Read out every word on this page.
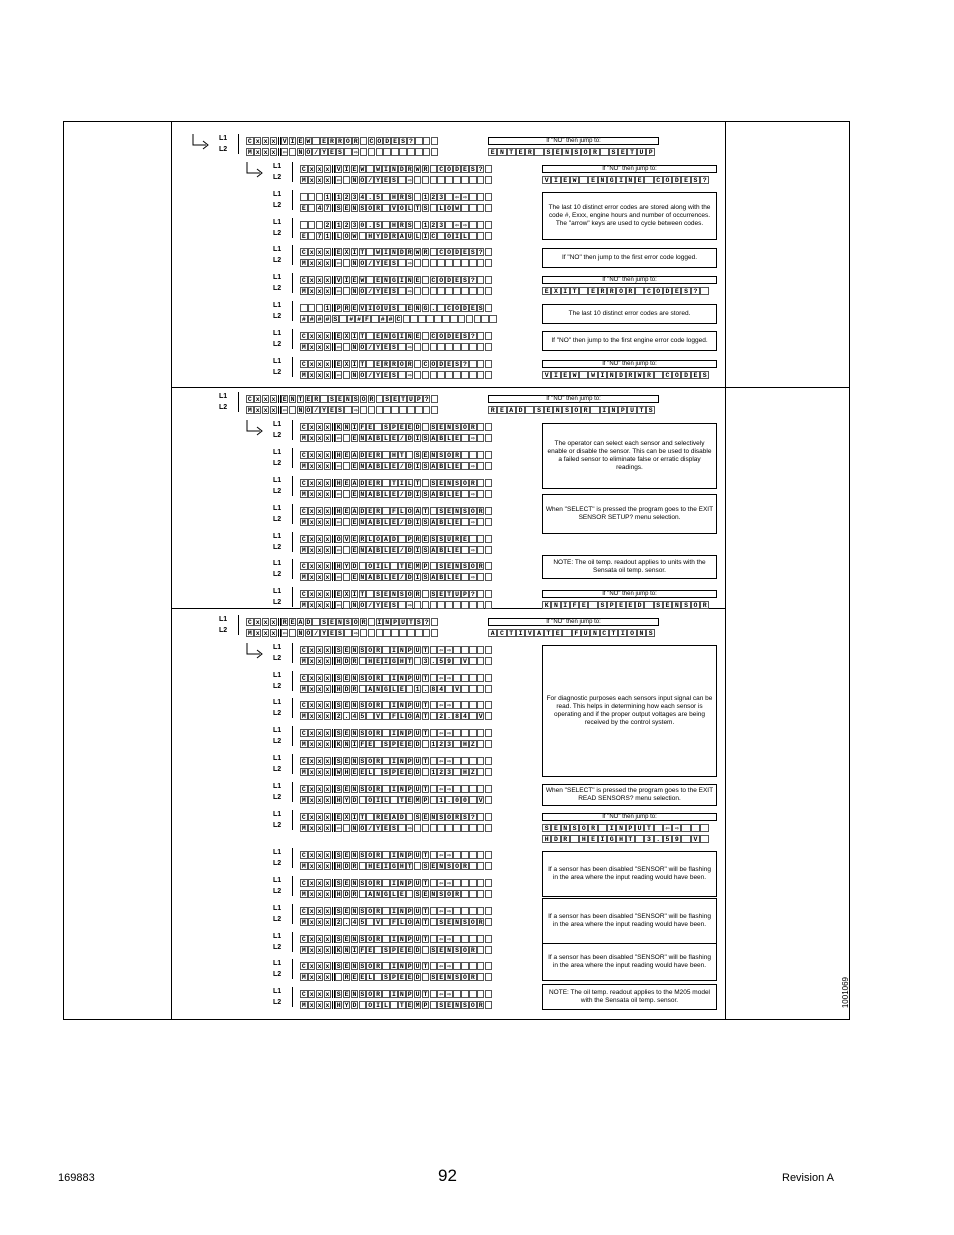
1001069
L1
L2
C x x x V I E W E R R O R C O D E S ?
M x x x ⇦ N O / Y E S ⇨
L1
L2
C x x x V I E W W I N D R W R C O D E S ?
M x x x ⇦ N O / Y E S ⇨
L1
L2
1 1 2 3 4 . 5 H R S 1 2 3 ⇦ ⇨
E 4 7 S E N S O R V O L T S L O W
L1
L2
2 1 2 3 0 . 5 H R S 1 2 3 ⇦ ⇨
E 7 1 L O W H Y D R A U L I C O I L
L1
L2
C x x x E X I T W I N D R W R C O D E S ?
M x x x ⇦ N O / Y E S ⇨
L1
L2
C x x x V I E W E N G I N E C O D E S ?
M x x x ⇦ N O / Y E S ⇨
L1
L2
1 P R E V I O U S E N G . C O D E S
# # # # S # # F # # C
L1
L2
C x x x E X I T E N G I N E C O D E S ?
M x x x ⇦ N O / Y E S ⇨
L1
L2
C x x x E X I T E R R O R C O D E S ?
M x x x ⇦ N O / Y E S ⇨
L1
L2
C x x x E N T E R S E N S O R S E T U P ?
M x x x ⇦ N O / Y E S ⇨
L1
L2
C x x x K N I F E S P E E D S E N S O R
M x x x ⇦ E N A B L E / D I S A B L E ⇨
L1
L2
C x x x H E A D E R H T S E N S O R
M x x x ⇦ E N A B L E / D I S A B L E ⇨
L1
L2
C x x x H E A D E R T I L T S E N S O R
M x x x ⇦ E N A B L E / D I S A B L E ⇨
L1
L2
C x x x H E A D E R F L O A T S E N S O R
M x x x ⇦ E N A B L E / D I S A B L E ⇨
L1
L2
C x x x O V E R L O A D P R E S S U R E
M x x x ⇦ E N A B L E / D I S A B L E ⇨
L1
L2
C x x x H Y D O I L T E M P S E N S O R
M x x x ⇦ E N A B L E / D I S A B L E ⇨
L1
L2
C x x x E X I T S E N S O R S E T U P ?
M x x x ⇦ N O / Y E S ⇨
L1
L2
C x x x R E A D S E N S O R I N P U T S ?
M x x x ⇦ N O / Y E S ⇨
L1
L2
C x x x S E N S O R I N P U T ⇦ ⇨
M x x x H D R H E I G H T 3 . 5 9 V
L1
L2
C x x x S E N S O R I N P U T ⇦ ⇨
M x x x H D R A N G L E 1 . 8 4 V
L1
L2
C x x x S E N S O R I N P U T ⇦ ⇨
M x x x 2 . 4 5 V F L O A T 2 . 8 4 V
L1
L2
C x x x S E N S O R I N P U T ⇦ ⇨
M x x x K N I F E S P E E D 1 2 3 H Z
L1
L2
C x x x S E N S O R I N P U T ⇦ ⇨
M x x x W H E E L S P E E D 1 2 3 H Z
L1
L2
C x x x S E N S O R I N P U T ⇦ ⇨
M x x x H Y D O I L T E M P 1 . 0 0 V
L1
L2
C x x x E X I T R E A D S E N S O R S ?
M x x x ⇦ N O / Y E S ⇨
L1
L2
C x x x S E N S O R I N P U T ⇦ ⇨
M x x x H D R H E I G H T S E N S O R
L1
L2
C x x x S E N S O R I N P U T ⇦ ⇨
M x x x H D R A N G L E S E N S O R
L1
L2
C x x x S E N S O R I N P U T ⇦ ⇨
M x x x 2 . 4 5 V F L O A T S E N S O R
L1
L2
C x x x S E N S O R I N P U T ⇦ ⇨
M x x x K N I F E S P E E D S E N S O R
L1
L2
C x x x S E N S O R I N P U T ⇦ ⇨
M x x x R E E L S P E E D S E N S O R
L1
L2
C x x x S E N S O R I N P U T ⇦ ⇨
M x x x H Y D O I L T E M P S E N S O R
If "NO" then jump to:
E N T E R	S E N S O R	S E T U P
If "NO" then jump to:
V I E W	E N G I N E	C O D E S ?
If "NO" then jump to:
E X I T	E R R O R	C O D E S ?
If "NO" then jump to:
V I E W	W I N D R W R	C O D E S
If "NO" then jump to:
R E A D	S E N S O R	I N P U T S
If "NO" then jump to:
K N I F E	S P E E D	S E N S O R
If "NO" then jump to:
A C T I V A T E	F U N C T I O N S
If "NO" then jump to:
S E N S O R	I N P U T	⇦ ⇨
H D R	H E I G H T	3 . 5 9	V
The last 10 distinct error codes are stored along with the code #, Exxx, engine hours and number of occurrences. The "arrow" keys are used to cycle between codes.
If "NO" then jump to the first error code logged.
The last 10 distinct error codes are stored.
If "NO" then jump to the first engine error code logged.
The operator can select each sensor and selectively enable or disable the sensor. This can be used to disable a failed sensor to eliminate false or erratic display readings.
When "SELECT" is pressed the program goes to the EXIT SENSOR SETUP? menu selection.
NOTE: The oil temp. readout applies to units with the Sensata oil temp. sensor.
For diagnostic purposes each sensors input signal can be read. This helps in determining how each sensor is operating and if the proper output voltages are being received by the control system.
When "SELECT" is pressed the program goes to the EXIT READ SENSORS? menu selection.
If a sensor has been disabled "SENSOR" will be flashing in the area where the input reading would have been.
If a sensor has been disabled "SENSOR" will be flashing in the area where the input reading would have been.
If a sensor has been disabled "SENSOR" will be flashing in the area where the input reading would have been.
NOTE: The oil temp. readout applies to the M205 model with the Sensata oil temp. sensor.
169883	92	Revision A
